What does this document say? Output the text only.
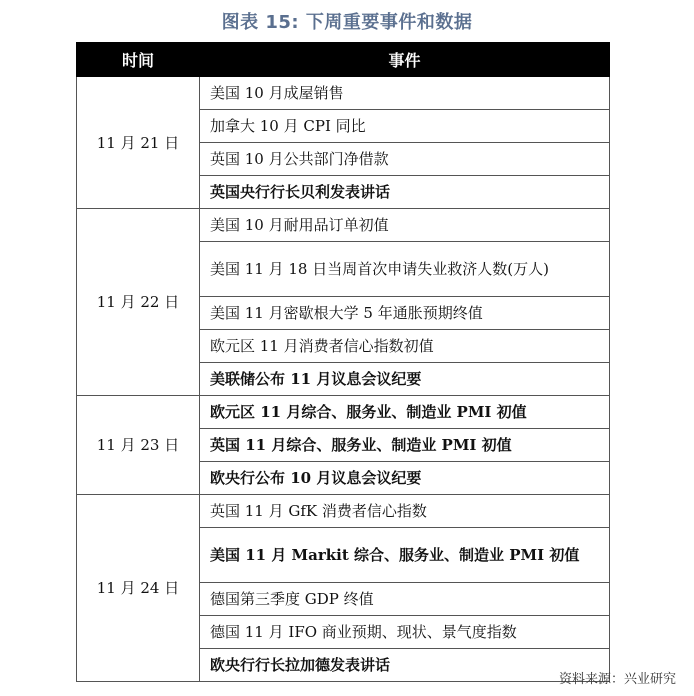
图表 15: 下周重要事件和数据
时间	事件
11 月 21 日	美国 10 月成屋销售
	加拿大 10 月 CPI 同比
	英国 10 月公共部门净借款
	英国央行行长贝利发表讲话
11 月 22 日	美国 10 月耐用品订单初值
	美国 11 月 18 日当周首次申请失业救济人数(万人)
	美国 11 月密歇根大学 5 年通胀预期终值
	欧元区 11 月消费者信心指数初值
	美联储公布 11 月议息会议纪要
11 月 23 日	欧元区 11 月综合、服务业、制造业 PMI 初值
	英国 11 月综合、服务业、制造业 PMI 初值
	欧央行公布 10 月议息会议纪要
11 月 24 日	英国 11 月 GfK 消费者信心指数
	美国 11 月 Markit 综合、服务业、制造业 PMI 初值
	德国第三季度 GDP 终值
	德国 11 月 IFO 商业预期、现状、景气度指数
	欧央行行长拉加德发表讲话
资料来源：兴业研究
